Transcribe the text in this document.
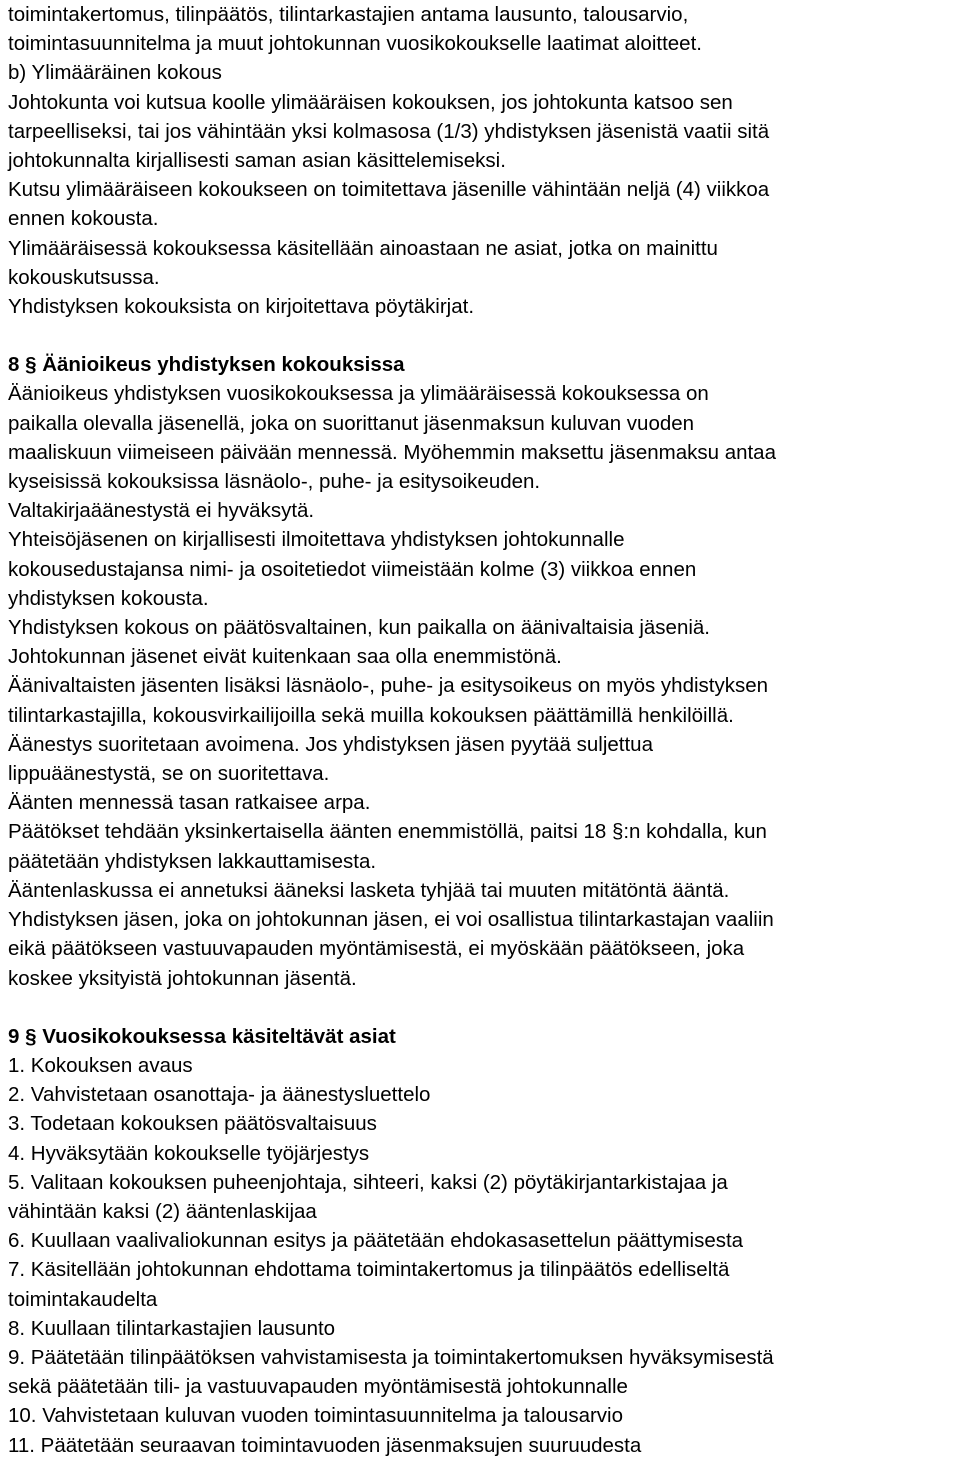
toimintakertomus, tilinpäätös, tilintarkastajien antama lausunto, talousarvio,
toimintasuunnitelma ja muut johtokunnan vuosikokoukselle laatimat aloitteet.
b) Ylimääräinen kokous
Johtokunta voi kutsua koolle ylimääräisen kokouksen, jos johtokunta katsoo sen
tarpeelliseksi, tai jos vähintään yksi kolmasosa (1/3) yhdistyksen jäsenistä vaatii sitä
johtokunnalta kirjallisesti saman asian käsittelemiseksi.
Kutsu ylimääräiseen kokoukseen on toimitettava jäsenille vähintään neljä (4) viikkoa
ennen kokousta.
Ylimääräisessä kokouksessa käsitellään ainoastaan ne asiat, jotka on mainittu
kokouskutsussa.
Yhdistyksen kokouksista on kirjoitettava pöytäkirjat.
8 § Äänioikeus yhdistyksen kokouksissa
Äänioikeus yhdistyksen vuosikokouksessa ja ylimääräisessä kokouksessa on
paikalla olevalla jäsenellä, joka on suorittanut jäsenmaksun kuluvan vuoden
maaliskuun viimeiseen päivään mennessä. Myöhemmin maksettu jäsenmaksu antaa
kyseisissä kokouksissa läsnäolo-, puhe- ja esitysoikeuden.
Valtakirjaäänestystä ei hyväksytä.
Yhteisöjäsenen on kirjallisesti ilmoitettava yhdistyksen johtokunnalle
kokousedustajansa nimi- ja osoitetiedot viimeistään kolme (3) viikkoa ennen
yhdistyksen kokousta.
Yhdistyksen kokous on päätösvaltainen, kun paikalla on äänivaltaisia jäseniä.
Johtokunnan jäsenet eivät kuitenkaan saa olla enemmistönä.
Äänivaltaisten jäsenten lisäksi läsnäolo-, puhe- ja esitysoikeus on myös yhdistyksen
tilintarkastajilla, kokousvirkailijoilla sekä muilla kokouksen päättämillä henkilöillä.
Äänestys suoritetaan avoimena. Jos yhdistyksen jäsen pyytää suljettua
lippuäänestystä, se on suoritettava.
Äänten mennessä tasan ratkaisee arpa.
Päätökset tehdään yksinkertaisella äänten enemmistöllä, paitsi 18 §:n kohdalla, kun
päätetään yhdistyksen lakkauttamisesta.
Ääntenlaskussa ei annetuksi ääneksi lasketa tyhjää tai muuten mitätöntä ääntä.
Yhdistyksen jäsen, joka on johtokunnan jäsen, ei voi osallistua tilintarkastajan vaaliin
eikä päätökseen vastuuvapauden myöntämisestä, ei myöskään päätökseen, joka
koskee yksityistä johtokunnan jäsentä.
9 § Vuosikokouksessa käsiteltävät asiat
1. Kokouksen avaus
2. Vahvistetaan osanottaja- ja äänestysluettelo
3. Todetaan kokouksen päätösvaltaisuus
4. Hyväksytään kokoukselle työjärjestys
5. Valitaan kokouksen puheenjohtaja, sihteeri, kaksi (2) pöytäkirjantarkistajaa ja
vähintään kaksi (2) ääntenlaskijaa
6. Kuullaan vaalivaliokunnan esitys ja päätetään ehdokasasettelun päättymisesta
7. Käsitellään johtokunnan ehdottama toimintakertomus ja tilinpäätös edelliseltä
toimintakaudelta
8. Kuullaan tilintarkastajien lausunto
9. Päätetään tilinpäätöksen vahvistamisesta ja toimintakertomuksen hyväksymisestä
sekä päätetään tili- ja vastuuvapauden myöntämisestä johtokunnalle
10. Vahvistetaan kuluvan vuoden toimintasuunnitelma ja talousarvio
11. Päätetään seuraavan toimintavuoden jäsenmaksujen suuruudesta
